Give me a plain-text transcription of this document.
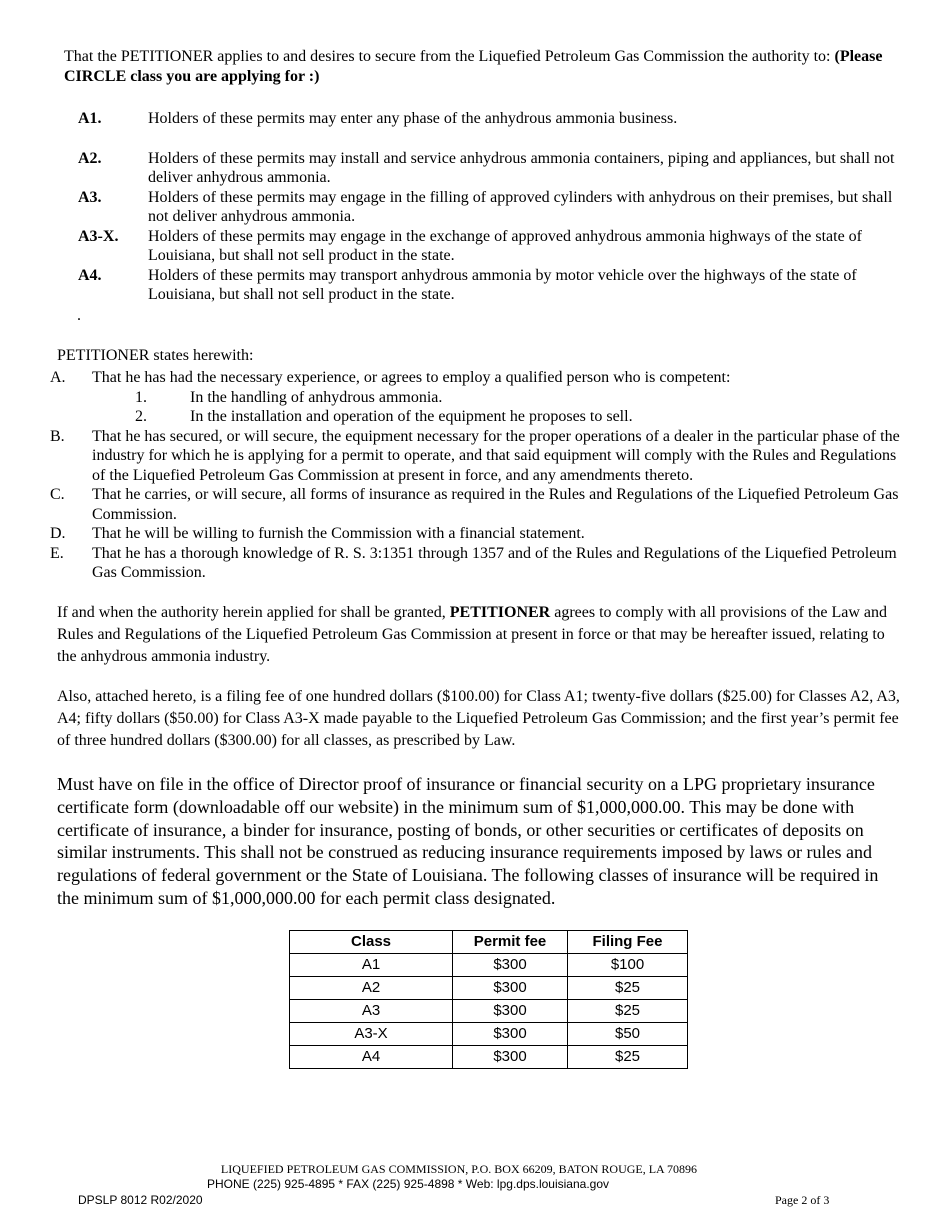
That the PETITIONER applies to and desires to secure from the Liquefied Petroleum Gas Commission the authority to: (Please CIRCLE class you are applying for :)
A1.	Holders of these permits may enter any phase of the anhydrous ammonia business.
A2.	Holders of these permits may install and service anhydrous ammonia containers, piping and appliances, but shall not deliver anhydrous ammonia.
A3.	Holders of these permits may engage in the filling of approved cylinders with anhydrous on their premises, but shall not deliver anhydrous ammonia.
A3-X.	Holders of these permits may engage in the exchange of approved anhydrous ammonia highways of the state of Louisiana, but shall not sell product in the state.
A4.	Holders of these permits may transport anhydrous ammonia by motor vehicle over the highways of the state of Louisiana, but shall not sell product in the state.
.
PETITIONER states herewith:
A.	That he has had the necessary experience, or agrees to employ a qualified person who is competent:
1.	In the handling of anhydrous ammonia.
2.	In the installation and operation of the equipment he proposes to sell.
B.	That he has secured, or will secure, the equipment necessary for the proper operations of a dealer in the particular phase of the industry for which he is applying for a permit to operate, and that said equipment will comply with the Rules and Regulations of the Liquefied Petroleum Gas Commission at present in force, and any amendments thereto.
C.	That he carries, or will secure, all forms of insurance as required in the Rules and Regulations of the Liquefied Petroleum Gas Commission.
D.	That he will be willing to furnish the Commission with a financial statement.
E.	That he has a thorough knowledge of R. S. 3:1351 through 1357 and of the Rules and Regulations of the Liquefied Petroleum Gas Commission.
If and when the authority herein applied for shall be granted, PETITIONER agrees to comply with all provisions of the Law and Rules and Regulations of the Liquefied Petroleum Gas Commission at present in force or that may be hereafter issued, relating to the anhydrous ammonia industry.
Also, attached hereto, is a filing fee of one hundred dollars ($100.00) for Class A1; twenty-five dollars ($25.00) for Classes A2, A3, A4; fifty dollars ($50.00) for Class A3-X made payable to the Liquefied Petroleum Gas Commission; and the first year’s permit fee of three hundred dollars ($300.00) for all classes, as prescribed by Law.
Must have on file in the office of Director proof of insurance or financial security on a LPG proprietary insurance certificate form (downloadable off our website) in the minimum sum of $1,000,000.00. This may be done with certificate of insurance, a binder for insurance, posting of bonds, or other securities or certificates of deposits on similar instruments. This shall not be construed as reducing insurance requirements imposed by laws or rules and regulations of federal government or the State of Louisiana. The following classes of insurance will be required in the minimum sum of $1,000,000.00 for each permit class designated.
Class	Permit fee	Filing Fee
A1	$300	$100
A2	$300	$25
A3	$300	$25
A3-X	$300	$50
A4	$300	$25
LIQUEFIED PETROLEUM GAS COMMISSION, P.O. BOX 66209, BATON ROUGE, LA 70896
PHONE (225) 925-4895 * FAX (225) 925-4898 * Web: lpg.dps.louisiana.gov
DPSLP 8012 R02/2020	Page 2 of 3
